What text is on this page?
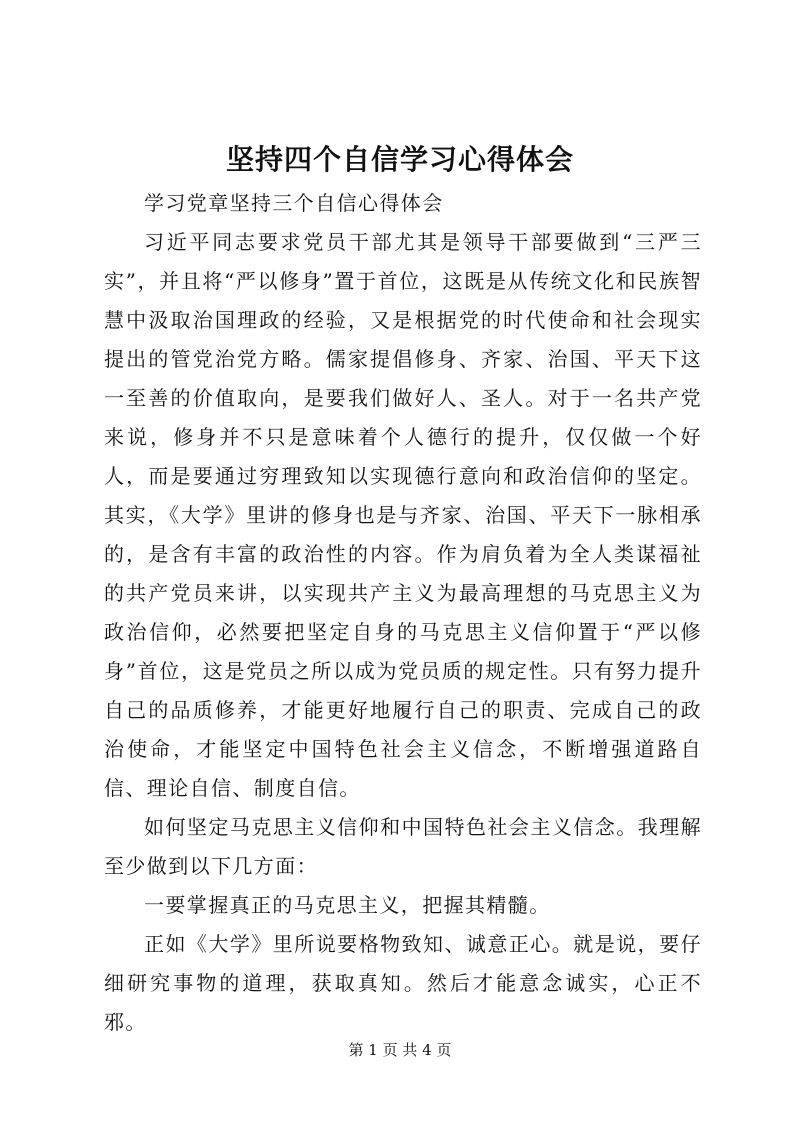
坚持四个自信学习心得体会

学习党章坚持三个自信心得体会

习近平同志要求党员干部尤其是领导干部要做到“三严三实”，并且将“严以修身”置于首位，这既是从传统文化和民族智慧中汲取治国理政的经验，又是根据党的时代使命和社会现实提出的管党治党方略。儒家提倡修身、齐家、治国、平天下这一至善的价值取向，是要我们做好人、圣人。对于一名共产党来说，修身并不只是意味着个人德行的提升，仅仅做一个好人，而是要通过穷理致知以实现德行意向和政治信仰的坚定。其实，《大学》里讲的修身也是与齐家、治国、平天下一脉相承的，是含有丰富的政治性的内容。作为肩负着为全人类谋福祉的共产党员来讲，以实现共产主义为最高理想的马克思主义为政治信仰，必然要把坚定自身的马克思主义信仰置于“严以修身”首位，这是党员之所以成为党员质的规定性。只有努力提升自己的品质修养，才能更好地履行自己的职责、完成自己的政治使命，才能坚定中国特色社会主义信念，不断增强道路自信、理论自信、制度自信。

如何坚定马克思主义信仰和中国特色社会主义信念。我理解至少做到以下几方面：

一要掌握真正的马克思主义，把握其精髓。

正如《大学》里所说要格物致知、诚意正心。就是说，要仔细研究事物的道理，获取真知。然后才能意念诚实，心正不邪。

第 1 页 共 4 页
